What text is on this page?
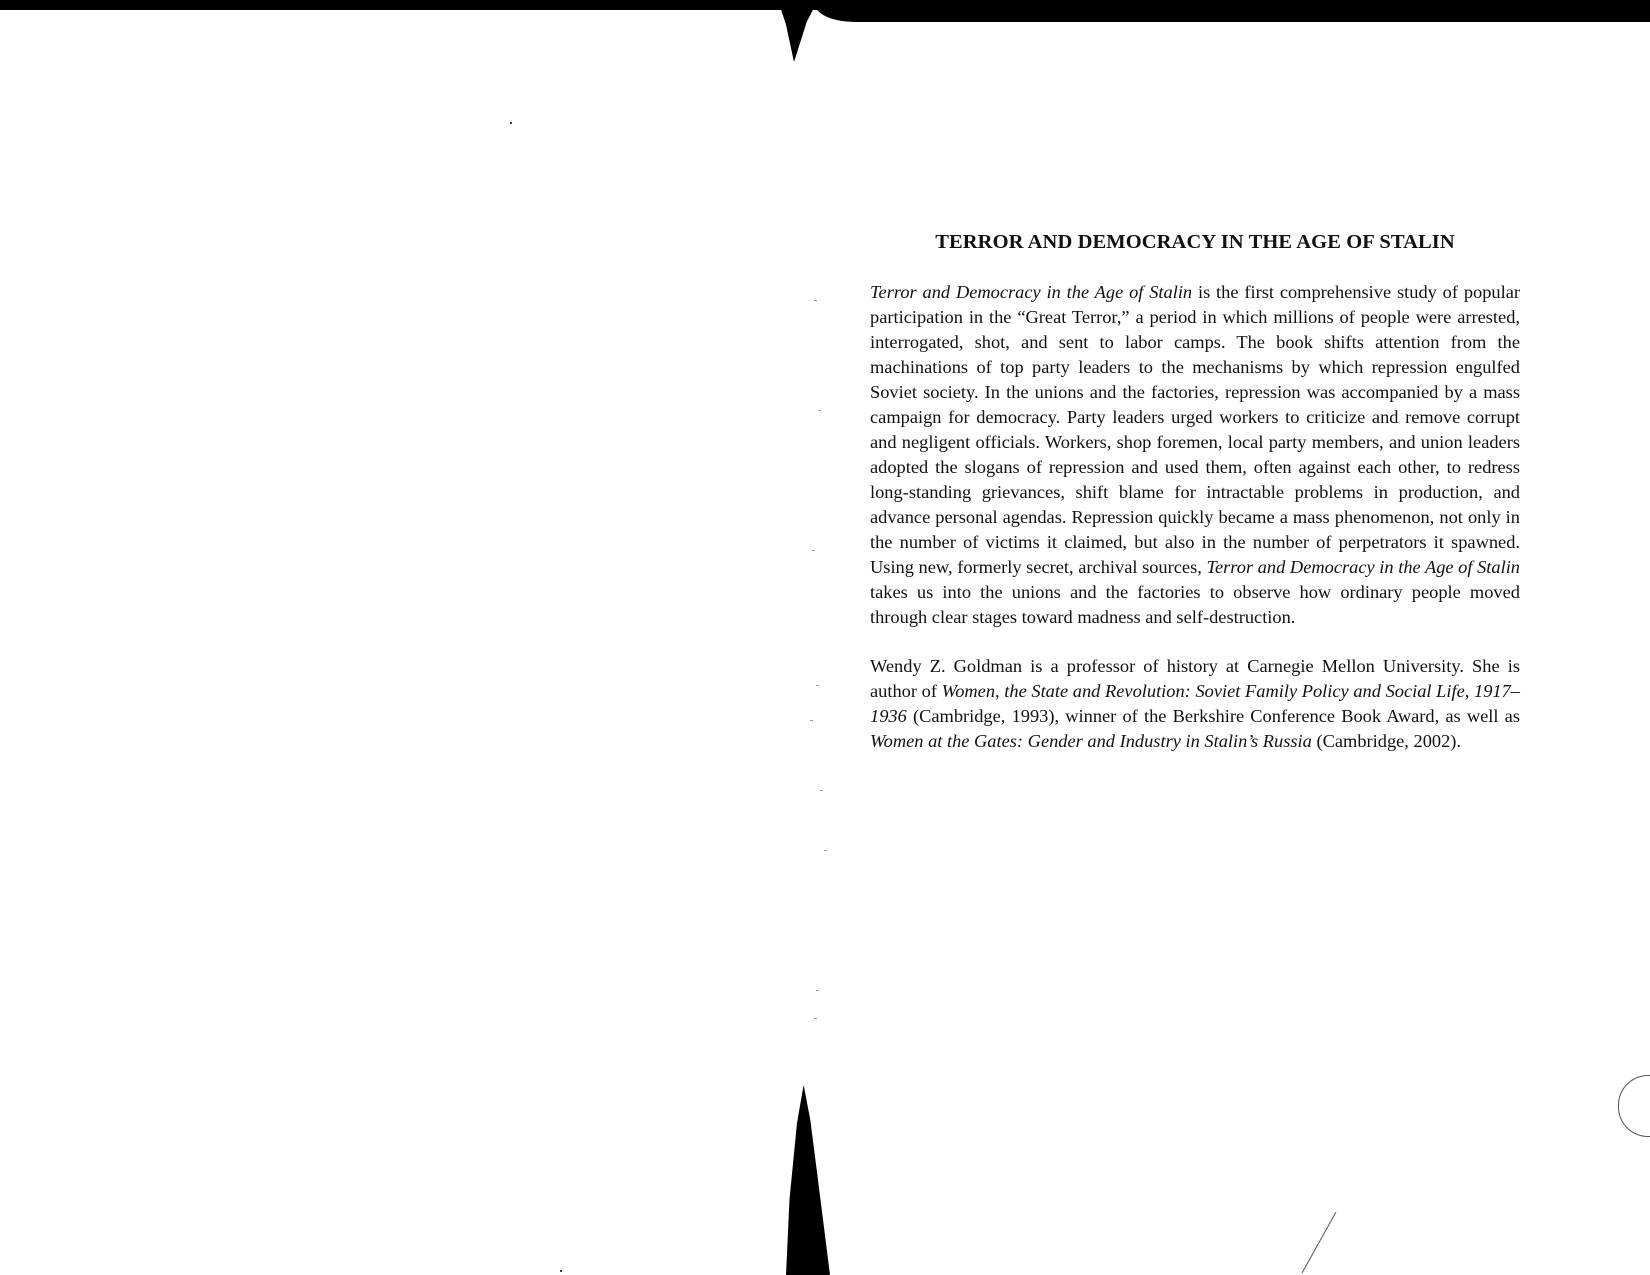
TERROR AND DEMOCRACY IN THE AGE OF STALIN

Terror and Democracy in the Age of Stalin is the first comprehensive study of popular participation in the “Great Terror,” a period in which millions of people were arrested, interrogated, shot, and sent to labor camps. The book shifts attention from the machinations of top party leaders to the mechanisms by which repression engulfed Soviet society. In the unions and the factories, repression was accompanied by a mass campaign for democracy. Party leaders urged workers to criticize and remove corrupt and negligent officials. Workers, shop foremen, local party members, and union leaders adopted the slogans of repression and used them, often against each other, to redress long-standing grievances, shift blame for intractable problems in production, and advance personal agendas. Repression quickly became a mass phenomenon, not only in the number of victims it claimed, but also in the number of perpetrators it spawned. Using new, formerly secret, archival sources, Terror and Democracy in the Age of Stalin takes us into the unions and the factories to observe how ordinary people moved through clear stages toward madness and self-destruction.

Wendy Z. Goldman is a professor of history at Carnegie Mellon University. She is author of Women, the State and Revolution: Soviet Family Policy and Social Life, 1917–1936 (Cambridge, 1993), winner of the Berkshire Conference Book Award, as well as Women at the Gates: Gender and Industry in Stalin’s Russia (Cambridge, 2002).
